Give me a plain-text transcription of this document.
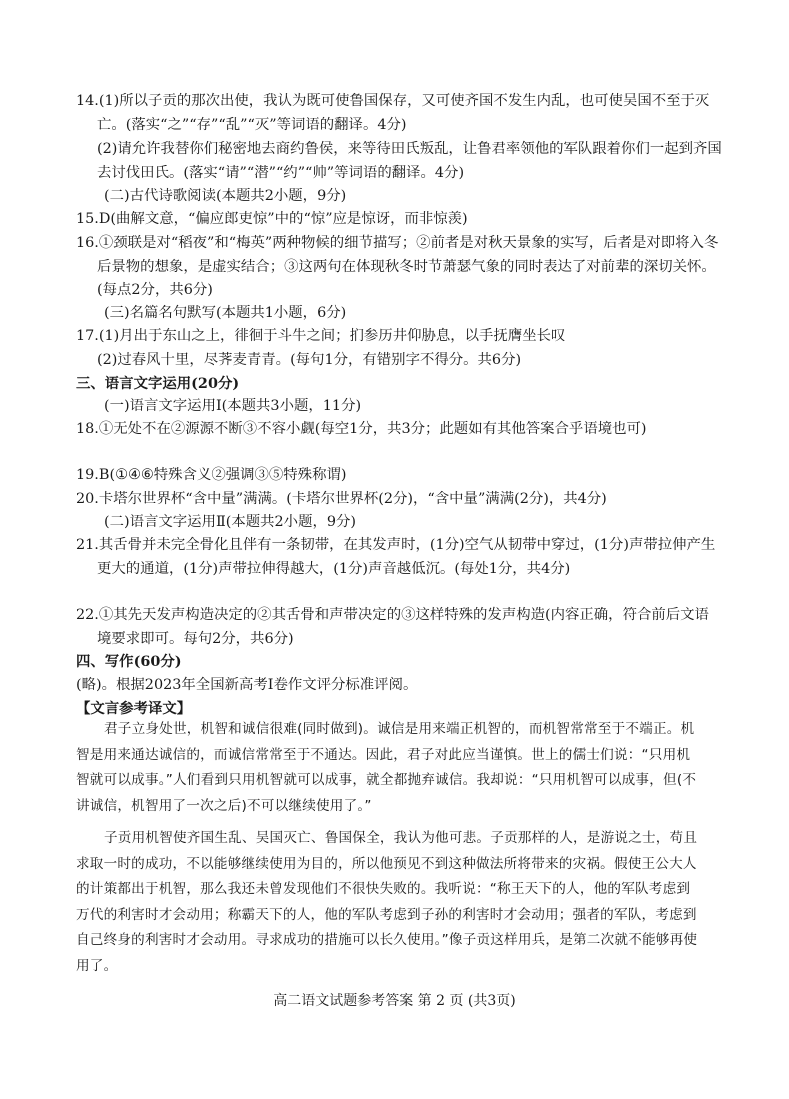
14.(1)所以子贡的那次出使，我认为既可使鲁国保存，又可使齐国不发生内乱，也可使吴国不至于灭亡。(落实“之”“存”“乱”“灭”等词语的翻译。4分)
(2)请允许我替你们秘密地去商约鲁侯，来等待田氏叛乱，让鲁君率领他的军队跟着你们一起到齐国去讨伐田氏。(落实“请”“潜”“约”“帅”等词语的翻译。4分)
(二)古代诗歌阅读(本题共2小题，9分)
15.D(曲解文意，“偏应郎吏惊”中的“惊”应是惊讶，而非惊羡)
16.①颈联是对“稻夜”和“梅英”两种物候的细节描写；②前者是对秋天景象的实写，后者是对即将入冬后景物的想象，是虚实结合；③这两句在体现秋冬时节萧瑟气象的同时表达了对前辈的深切关怀。(每点2分，共6分)
(三)名篇名句默写(本题共1小题，6分)
17.(1)月出于东山之上，徘徊于斗牛之间；扪参历井仰胁息，以手抚膺坐长叹
(2)过春风十里，尽荠麦青青。(每句1分，有错别字不得分。共6分)
三、语言文字运用(20分)
(一)语言文字运用Ⅰ(本题共3小题，11分)
18.①无处不在②源源不断③不容小觑(每空1分，共3分；此题如有其他答案合乎语境也可)
19.B(①④⑥特殊含义②强调③⑤特殊称谓)
20.卡塔尔世界杯“含中量”满满。(卡塔尔世界杯(2分)，“含中量”满满(2分)，共4分)
(二)语言文字运用Ⅱ(本题共2小题，9分)
21.其舌骨并未完全骨化且伴有一条韧带，在其发声时，(1分)空气从韧带中穿过，(1分)声带拉伸产生更大的通道，(1分)声带拉伸得越大，(1分)声音越低沉。(每处1分，共4分)
22.①其先天发声构造决定的②其舌骨和声带决定的③这样特殊的发声构造(内容正确，符合前后文语境要求即可。每句2分，共6分)
四、写作(60分)
(略)。根据2023年全国新高考Ⅰ卷作文评分标准评阅。
【文言参考译文】
君子立身处世，机智和诚信很难(同时做到)。诚信是用来端正机智的，而机智常常至于不端正。机智是用来通达诚信的，而诚信常常至于不通达。因此，君子对此应当谨慎。世上的儒士们说：“只用机智就可以成事。”人们看到只用机智就可以成事，就全都抛弃诚信。我却说：“只用机智可以成事，但(不讲诚信，机智用了一次之后)不可以继续使用了。”
子贡用机智使齐国生乱、吴国灭亡、鲁国保全，我认为他可悲。子贡那样的人，是游说之士，苟且求取一时的成功，不以能够继续使用为目的，所以他预见不到这种做法所将带来的灾祸。假使王公大人的计策都出于机智，那么我还未曾发现他们不很快失败的。我听说：“称王天下的人，他的军队考虑到万代的利害时才会动用；称霸天下的人，他的军队考虑到子孙的利害时才会动用；强者的军队，考虑到自己终身的利害时才会动用。寻求成功的措施可以长久使用。”像子贡这样用兵，是第二次就不能够再使用了。
高二语文试题参考答案 第 2 页 (共3页)
